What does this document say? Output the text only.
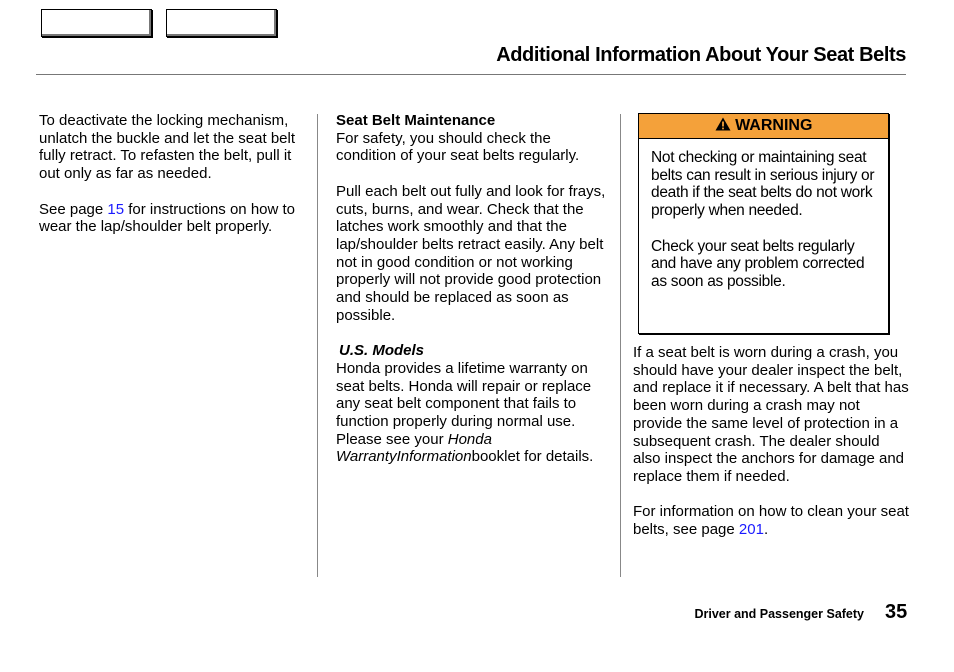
Additional Information About Your Seat Belts

To deactivate the locking mechanism, unlatch the buckle and let the seat belt fully retract. To refasten the belt, pull it out only as far as needed.

See page 15 for instructions on how to wear the lap/shoulder belt properly.

Seat Belt Maintenance

For safety, you should check the condition of your seat belts regularly.

Pull each belt out fully and look for frays, cuts, burns, and wear. Check that the latches work smoothly and that the lap/shoulder belts retract easily. Any belt not in good condition or not working properly will not provide good protection and should be replaced as soon as possible.

U.S. Models

Honda provides a lifetime warranty on seat belts. Honda will repair or replace any seat belt component that fails to function properly during normal use. Please see your Honda WarrantyInformationbooklet for details.

WARNING

Not checking or maintaining seat belts can result in serious injury or death if the seat belts do not work properly when needed.

Check your seat belts regularly and have any problem corrected as soon as possible.

If a seat belt is worn during a crash, you should have your dealer inspect the belt, and replace it if necessary. A belt that has been worn during a crash may not provide the same level of protection in a subsequent crash. The dealer should also inspect the anchors for damage and replace them if needed.

For information on how to clean your seat belts, see page 201.

Driver and Passenger Safety 35
